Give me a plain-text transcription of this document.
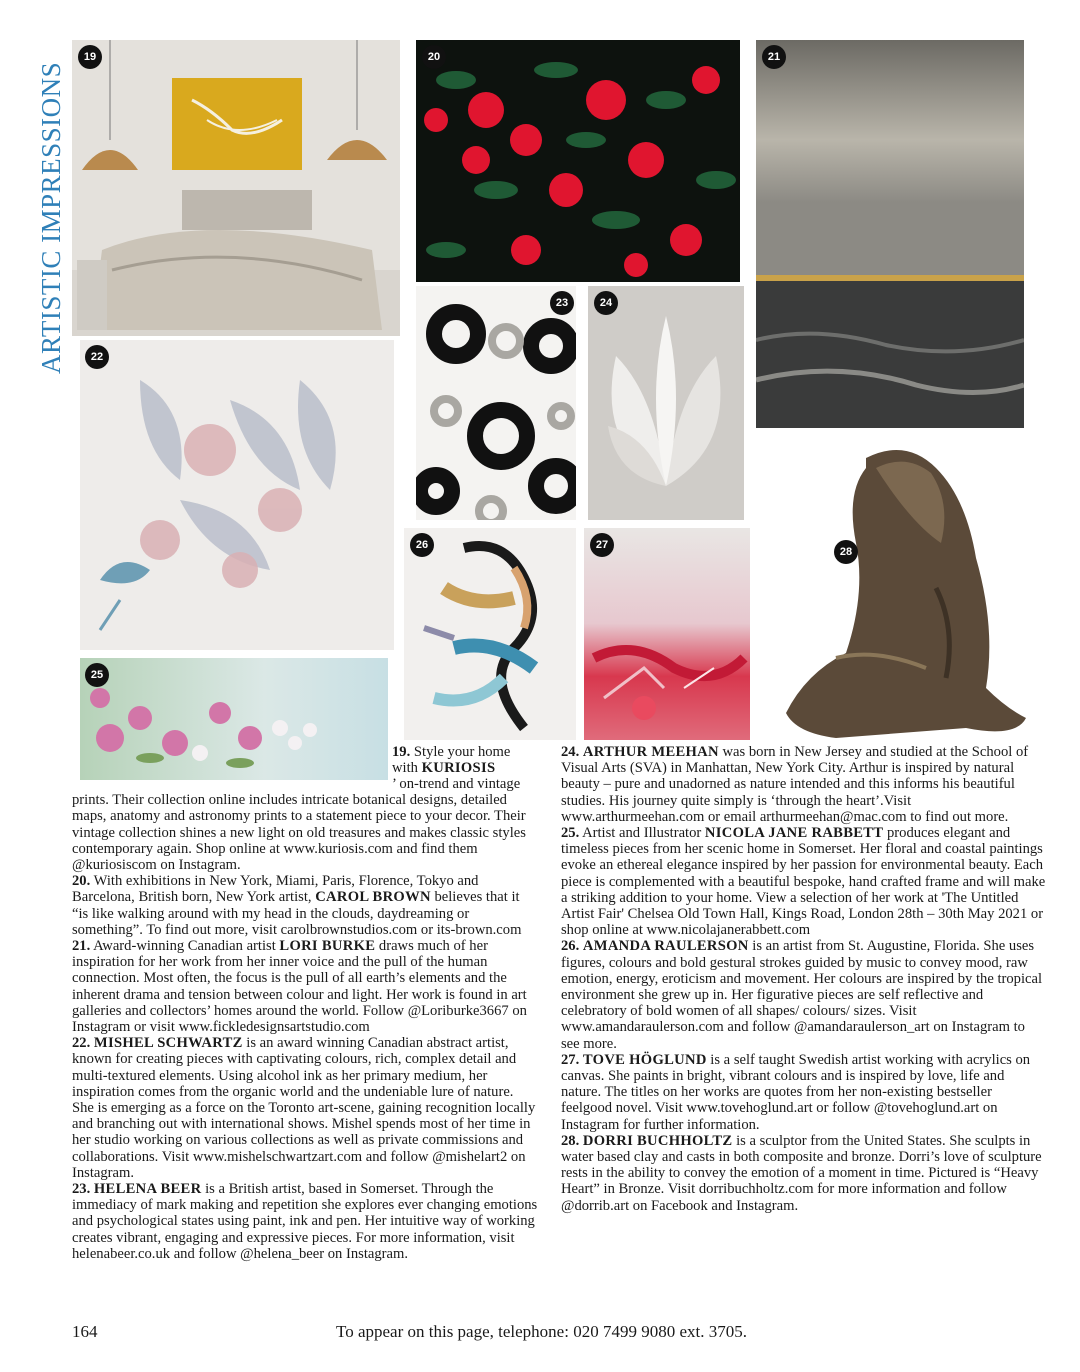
ARTISTIC IMPRESSIONS
19	20	21
22
23	24
25
26	27
28

19. Style your home with KURIOSIS

’ on-trend and vintage prints. Their collection online includes intricate botanical designs, detailed maps, anatomy and astronomy prints to a statement piece to your decor. Their vintage collection shines a new light on old treasures and makes classic styles contemporary again. Shop online at www.kuriosis.com and find them @kuriosiscom on Instagram.

20. With exhibitions in New York, Miami, Paris, Florence, Tokyo and Barcelona, British born, New York artist, CAROL BROWN believes that it “is like walking around with my head in the clouds, daydreaming or something”. To find out more, visit carolbrownstudios.com or its-brown.com

21. Award-winning Canadian artist LORI BURKE draws much of her inspiration for her work from her inner voice and the pull of the human connection. Most often, the focus is the pull of all earth’s elements and the inherent drama and tension between colour and light. Her work is found in art galleries and collectors’ homes around the world. Follow @Loriburke3667 on Instagram or visit www.fickledesignsartstudio.com

22. MISHEL SCHWARTZ is an award winning Canadian abstract artist, known for creating pieces with captivating colours, rich, complex detail and multi-textured elements. Using alcohol ink as her primary medium, her inspiration comes from the organic world and the undeniable lure of nature. She is emerging as a force on the Toronto art-scene, gaining recognition locally and branching out with international shows. Mishel spends most of her time in her studio working on various collections as well as private commissions and collaborations. Visit www.mishelschwartzart.com and follow @mishelart2 on Instagram.

23. HELENA BEER is a British artist, based in Somerset. Through the immediacy of mark making and repetition she explores ever changing emotions and psychological states using paint, ink and pen. Her intuitive way of working creates vibrant, engaging and expressive pieces. For more information, visit helenabeer.co.uk and follow @helena_beer on Instagram.

24. ARTHUR MEEHAN was born in New Jersey and studied at the School of Visual Arts (SVA) in Manhattan, New York City. Arthur is inspired by natural beauty – pure and unadorned as nature intended and this informs his beautiful studies. His journey quite simply is ‘through the heart’.Visit www.arthurmeehan.com or email arthurmeehan@mac.com to find out more.

25. Artist and Illustrator NICOLA JANE RABBETT produces elegant and timeless pieces from her scenic home in Somerset. Her floral and coastal paintings evoke an ethereal elegance inspired by her passion for environmental beauty. Each piece is complemented with a beautiful bespoke, hand crafted frame and will make a striking addition to your home. View a selection of her work at 'The Untitled Artist Fair' Chelsea Old Town Hall, Kings Road, London 28th – 30th May 2021 or shop online at www.nicolajanerabbett.com

26. AMANDA RAULERSON is an artist from St. Augustine, Florida. She uses figures, colours and bold gestural strokes guided by music to convey mood, raw emotion, energy, eroticism and movement. Her colours are inspired by the tropical environment she grew up in. Her figurative pieces are self reflective and celebratory of bold women of all shapes/ colours/ sizes. Visit www.amandaraulerson.com and follow @amandaraulerson_art on Instagram to see more.

27. TOVE HÖGLUND is a self taught Swedish artist working with acrylics on canvas. She paints in bright, vibrant colours and is inspired by love, life and nature. The titles on her works are quotes from her non-existing bestseller feelgood novel. Visit www.tovehoglund.art or follow @tovehoglund.art on Instagram for further information.

28. DORRI BUCHHOLTZ is a sculptor from the United States. She sculpts in water based clay and casts in both composite and bronze. Dorri’s love of sculpture rests in the ability to convey the emotion of a moment in time. Pictured is “Heavy Heart” in Bronze. Visit dorribuchholtz.com for more information and follow @dorrib.art on Facebook and Instagram.

164	To appear on this page, telephone: 020 7499 9080 ext. 3705.
